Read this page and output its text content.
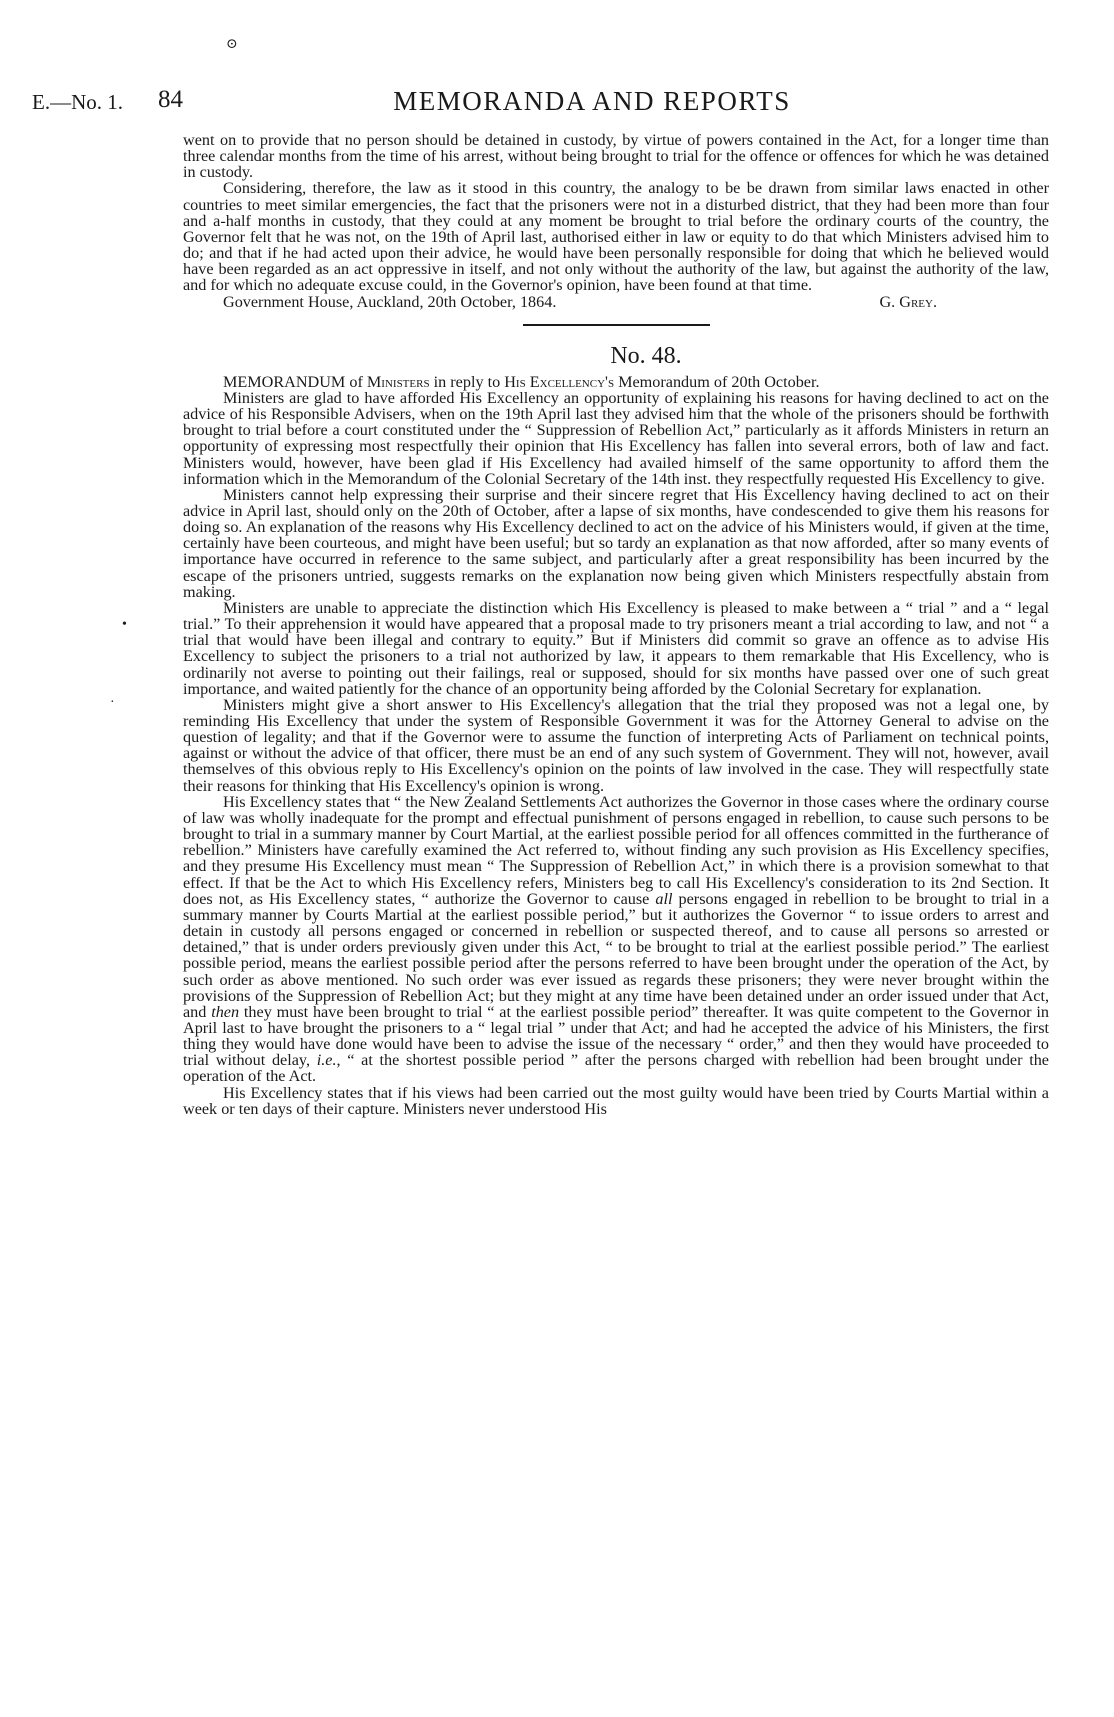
⊙
E.—No. 1. 84	MEMORANDA AND REPORTS
•
·

went on to provide that no person should be detained in custody, by virtue of powers contained in the Act, for a longer time than three calendar months from the time of his arrest, without being brought to trial for the offence or offences for which he was detained in custody.

Considering, therefore, the law as it stood in this country, the analogy to be be drawn from similar laws enacted in other countries to meet similar emergencies, the fact that the prisoners were not in a disturbed district, that they had been more than four and a-half months in custody, that they could at any moment be brought to trial before the ordinary courts of the country, the Governor felt that he was not, on the 19th of April last, authorised either in law or equity to do that which Ministers advised him to do; and that if he had acted upon their advice, he would have been personally responsible for doing that which he believed would have been regarded as an act oppressive in itself, and not only without the authority of the law, but against the authority of the law, and for which no adequate excuse could, in the Governor's opinion, have been found at that time.

Government House, Auckland, 20th October, 1864.	G. Grey.

No. 48.

MEMORANDUM of Ministers in reply to His Excellency's Memorandum of 20th October.

Ministers are glad to have afforded His Excellency an opportunity of explaining his reasons for having declined to act on the advice of his Responsible Advisers, when on the 19th April last they advised him that the whole of the prisoners should be forthwith brought to trial before a court constituted under the “ Suppression of Rebellion Act,” particularly as it affords Ministers in return an opportunity of expressing most respectfully their opinion that His Excellency has fallen into several errors, both of law and fact. Ministers would, however, have been glad if His Excellency had availed himself of the same opportunity to afford them the information which in the Memorandum of the Colonial Secretary of the 14th inst. they respectfully requested His Excellency to give.

Ministers cannot help expressing their surprise and their sincere regret that His Excellency having declined to act on their advice in April last, should only on the 20th of October, after a lapse of six months, have condescended to give them his reasons for doing so. An explanation of the reasons why His Excellency declined to act on the advice of his Ministers would, if given at the time, certainly have been courteous, and might have been useful; but so tardy an explanation as that now afforded, after so many events of importance have occurred in reference to the same subject, and particularly after a great responsibility has been incurred by the escape of the prisoners untried, suggests remarks on the explanation now being given which Ministers respectfully abstain from making.

Ministers are unable to appreciate the distinction which His Excellency is pleased to make between a “ trial ” and a “ legal trial.” To their apprehension it would have appeared that a proposal made to try prisoners meant a trial according to law, and not “ a trial that would have been illegal and contrary to equity.” But if Ministers did commit so grave an offence as to advise His Excellency to subject the prisoners to a trial not authorized by law, it appears to them remarkable that His Excellency, who is ordinarily not averse to pointing out their failings, real or supposed, should for six months have passed over one of such great importance, and waited patiently for the chance of an opportunity being afforded by the Colonial Secretary for explanation.

Ministers might give a short answer to His Excellency's allegation that the trial they proposed was not a legal one, by reminding His Excellency that under the system of Responsible Government it was for the Attorney General to advise on the question of legality; and that if the Governor were to assume the function of interpreting Acts of Parliament on technical points, against or without the advice of that officer, there must be an end of any such system of Government. They will not, however, avail themselves of this obvious reply to His Excellency's opinion on the points of law involved in the case. They will respectfully state their reasons for thinking that His Excellency's opinion is wrong.

His Excellency states that “ the New Zealand Settlements Act authorizes the Governor in those cases where the ordinary course of law was wholly inadequate for the prompt and effectual punishment of persons engaged in rebellion, to cause such persons to be brought to trial in a summary manner by Court Martial, at the earliest possible period for all offences committed in the furtherance of rebellion.” Ministers have carefully examined the Act referred to, without finding any such provision as His Excellency specifies, and they presume His Excellency must mean “ The Suppression of Rebellion Act,” in which there is a provision somewhat to that effect. If that be the Act to which His Excellency refers, Ministers beg to call His Excellency's consideration to its 2nd Section. It does not, as His Excellency states, “ authorize the Governor to cause all persons engaged in rebellion to be brought to trial in a summary manner by Courts Martial at the earliest possible period,” but it authorizes the Governor “ to issue orders to arrest and detain in custody all persons engaged or concerned in rebellion or suspected thereof, and to cause all persons so arrested or detained,” that is under orders previously given under this Act, “ to be brought to trial at the earliest possible period.” The earliest possible period, means the earliest possible period after the persons referred to have been brought under the operation of the Act, by such order as above mentioned. No such order was ever issued as regards these prisoners; they were never brought within the provisions of the Suppression of Rebellion Act; but they might at any time have been detained under an order issued under that Act, and then they must have been brought to trial “ at the earliest possible period” thereafter. It was quite competent to the Governor in April last to have brought the prisoners to a “ legal trial ” under that Act; and had he accepted the advice of his Ministers, the first thing they would have done would have been to advise the issue of the necessary “ order,” and then they would have proceeded to trial without delay, i.e., “ at the shortest possible period ” after the persons charged with rebellion had been brought under the operation of the Act.

His Excellency states that if his views had been carried out the most guilty would have been tried by Courts Martial within a week or ten days of their capture. Ministers never understood His
